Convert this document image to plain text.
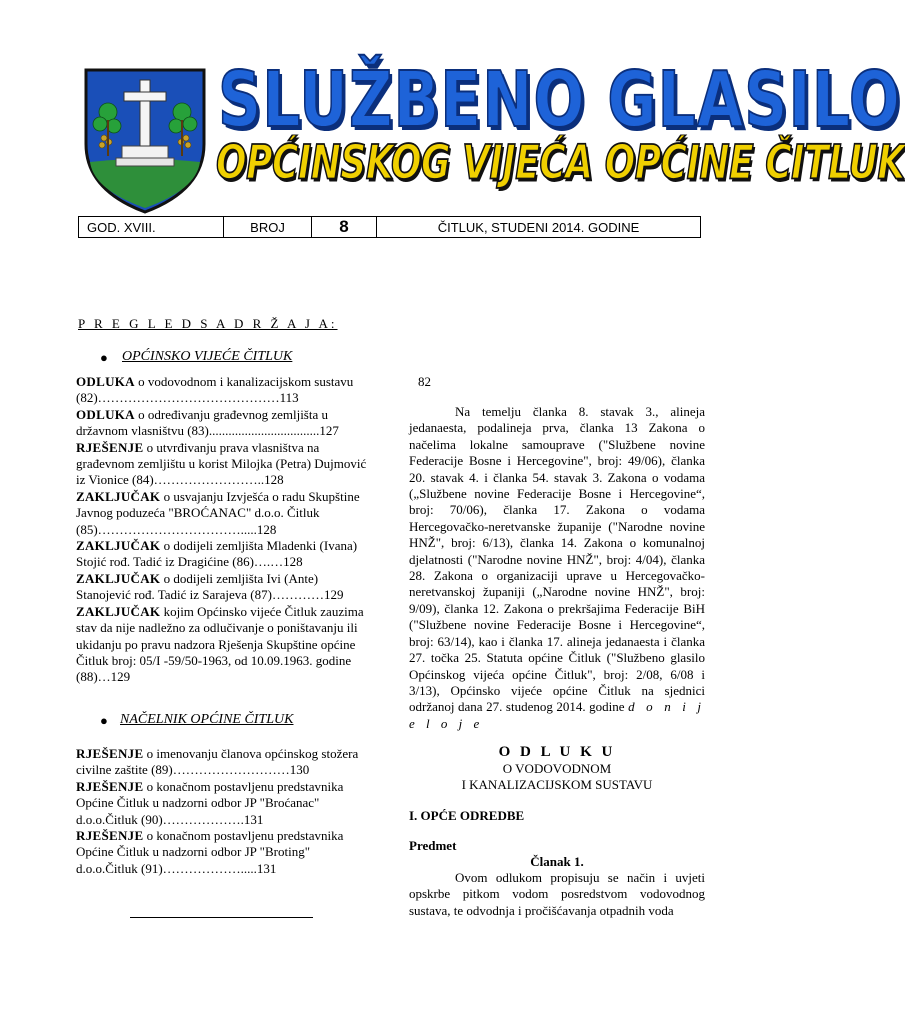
SLUŽBENO GLASILO
OPĆINSKOG VIJEĆA OPĆINE ČITLUK
GOD. XVIII.	BROJ	8	ČITLUK, STUDENI 2014. GODINE
P R E G L E D S A D R Ž A J A:
● OPĆINSKO VIJEĆE ČITLUK

ODLUKA o vodovodnom i kanalizacijskom sustavu (82)……………………………………113

ODLUKA o određivanju građevnog zemljišta u državnom vlasništvu (83)..................................127

RJEŠENJE o utvrđivanju prava vlasništva na građevnom zemljištu u korist Milojka (Petra) Dujmović iz Vionice (84)……………………..128

ZAKLJUČAK o usvajanju Izvješća o radu Skupštine Javnog poduzeća "BROĆANAC" d.o.o. Čitluk (85)…………………………….....128

ZAKLJUČAK o dodijeli zemljišta Mladenki (Ivana) Stojić rođ. Tadić iz Dragićine (86)….…128

ZAKLJUČAK o dodijeli zemljišta Ivi (Ante) Stanojević rođ. Tadić iz Sarajeva (87)…………129

ZAKLJUČAK kojim Općinsko vijeće Čitluk zauzima stav da nije nadležno za odlučivanje o poništavanju ili ukidanju po pravu nadzora Rješenja Skupštine općine Čitluk broj: 05/I -59/50-1963, od 10.09.1963. godine (88)…129

● NAČELNIK OPĆINE ČITLUK

RJEŠENJE o imenovanju članova općinskog stožera civilne zaštite (89)………………………130

RJEŠENJE o konačnom postavljenu predstavnika Općine Čitluk u nadzorni odbor JP "Broćanac" d.o.o.Čitluk (90)……………….131

RJEŠENJE o konačnom postavljenu predstavnika Općine Čitluk u nadzorni odbor JP "Broting" d.o.o.Čitluk (91)……………….....131

82
Na temelju članka 8. stavak 3., alineja jedanaesta, podalineja prva, članka 13 Zakona o načelima lokalne samouprave ("Službene novine Federacije Bosne i Hercegovine", broj: 49/06), članka 20. stavak 4. i članka 54. stavak 3. Zakona o vodama („Službene novine Federacije Bosne i Hercegovine“, broj: 70/06), članka 17. Zakona o vodama Hercegovačko-neretvanske županije ("Narodne novine HNŽ", broj: 6/13), članka 14. Zakona o komunalnoj djelatnosti ("Narodne novine HNŽ", broj: 4/04), članka 28. Zakona o organizaciji uprave u Hercegovačko-neretvanskoj županiji („Narodne novine HNŽ", broj: 9/09), članka 12. Zakona o prekršajima Federacije BiH ("Službene novine Federacije Bosne i Hercegovine“, broj: 63/14), kao i članka 17. alineja jedanaesta i članka 27. točka 25. Statuta općine Čitluk ("Službeno glasilo Općinskog vijeća općine Čitluk", broj: 2/08, 6/08 i 3/13), Općinsko vijeće općine Čitluk na sjednici održanoj dana 27. studenog 2014. godine d o n i j e l o j e
O D L U K U
O VODOVODNOM
I KANALIZACIJSKOM SUSTAVU
I. OPĆE ODREDBE
Predmet
Članak 1.
Ovom odlukom propisuju se način i uvjeti opskrbe pitkom vodom posredstvom vodovodnog sustava, te odvodnja i pročišćavanja otpadnih voda
